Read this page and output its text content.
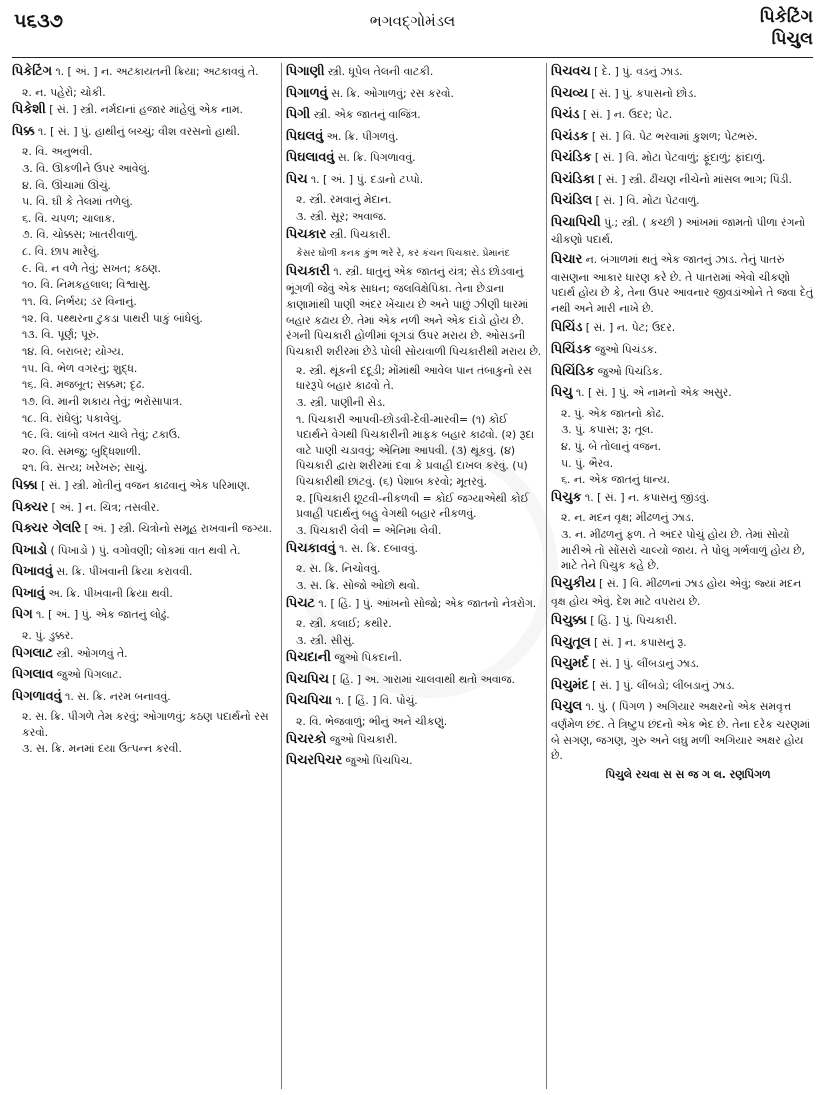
૫૬૩૭	ભગવદ્‌ગોમંડલ	પિકેટિંગ
પિચુલ
પિકેટિંગ ૧. [ અં. ] ન. અટકાયતની ક્રિયા; અટકાવવું તે.
૨. ન. પહેરો; ચોકી.
પિકેશી [ સં. ] સ્ત્રી. નર્મદાનાં હજાર માંહેલું એક નામ.
પિક્ક ૧. [ સં. ] પું. હાથીનું બચ્ચું; વીશ વરસનો હાથી.
૨. વિ. અનુભવી.
૩. વિ. ઊકળીને ઉપર આવેલું.
૪. વિ. ઊંચામાં ઊંચું.
૫. વિ. ઘી કે તેલમાં તળેલું.
૬. વિ. ચપળ; ચાલાક.
૭. વિ. ચોક્કસ; ખાતરીવાળું.
૮. વિ. છાપ મારેલું.
૯. વિ. ન વળે તેવું; સખત; કઠણ.
૧૦. વિ. નિમકહલાલ; વિશ્વાસુ.
૧૧. વિ. નિર્ભય; ડર વિનાનું.
૧૨. વિ. પથ્થરના ટુકડા પાથરી પાકું બાંધેલું.
૧૩. વિ. પૂર્ણ; પૂરું.
૧૪. વિ. બરાબર; યોગ્ય.
૧૫. વિ. ભેળ વગરનું; શુદ્ધ.
૧૬. વિ. મજબૂત; સક્કમ; દૃઢ.
૧૭. વિ. માની શકાય તેવું; ભરોસાપાત્ર.
૧૮. વિ. રાંધેલું; પકાવેલું.
૧૯. વિ. લાંબો વખત ચાલે તેવું; ટકાઉ.
૨૦. વિ. સમજુ; બુદ્ધિશાળી.
૨૧. વિ. સત્ય; ખરેખરું; સાચું.
પિક્કા [ સં. ] સ્ત્રી. મોતીનું વજન કાઢવાનું એક પરિમાણ.
પિક્ચર [ અં. ] ન. ચિત્ર; તસવીર.
પિક્ચર ગેલરિ [ અં. ] સ્ત્રી. ચિત્રોનો સમૂહ રાખવાની જગ્યા.
પિખાડો ( પિખાડો ) પું. વગોવણી; લોકમાં વાત થવી તે.
પિખાવવું સ. ક્રિ. પીખવાની ક્રિયા કરાવવી.
પિખાવું અ. ક્રિ. પીખવાની ક્રિયા થવી.
પિગ ૧. [ અં. ] પું. એક જાતનું લોઢું.
૨. પું. ડુક્કર.
પિગલાટ સ્ત્રી. ઓગળવું તે.
પિગલાવ જુઓ પિગલાટ.
પિગળાવવું ૧. સ. ક્રિ. નરમ બનાવવું.
૨. સ. ક્રિ. પીગળે તેમ કરવું; ઓગાળવું; કઠણ પદાર્થનો રસ કરવો.
૩. સ. ક્રિ. મનમાં દયા ઉત્પન્ન કરવી.
પિગાણી સ્ત્રી. ધૂપેલ તેલની વાટકી.
પિગાળવું સ. ક્રિ. ઓગાળવું; રસ કરવો.
પિગી સ્ત્રી. એક જાતનું વાજિંત્ર.
પિઘલવું અ. ક્રિ. પીગળવું.
પિઘલાવવું સ. ક્રિ. પિગળાવવું.
પિચ ૧. [ અં. ] પું. દડાનો ટપ્પો.
૨. સ્ત્રી. રમવાનું મેદાન.
૩. સ્ત્રી. સૂર; અવાજ.
પિચકાર સ્ત્રી. પિચકારી.
કેસર ઘોળી કનક કુંભ ભરે રે, કર કંચન પિચકાર. પ્રેમાનંદ
પિચકારી ૧. સ્ત્રી. ધાતુનું એક જાતનું યંત્ર; સેડ છોડવાનું ભૂંગળી જેવું એક સાધન; જલવિક્ષેપિકા. તેના છેડાના કાણામાંથી પાણી અંદર ખેંચાય છે અને પાછું ઝીણી ધારમાં બહાર કઢાય છે. તેમાં એક નળી અને એક દાંડો હોય છે. રંગની પિચકારી હોળીમાં લૂગડાં ઉપર મરાય છે. ઓસડની પિચકારી શરીરમાં છેડે પોલી સોયવાળી પિચકારીથી મરાય છે.
૨. સ્ત્રી. થૂંકની દદૂડી; મોંમાંથી આવેલ પાન તંબાકુનો રસ ધારરૂપે બહાર કાઢવો તે.
૩. સ્ત્રી. પાણીની સેડ.
૧. પિચકારી આપવી-છોડવી-દેવી-મારવી= (૧) કોઈ પદાર્થને વેગથી પિચકારીની માફક બહાર કાઢવો. (૨) રૂદા વાટે પાણી ચડાવવું; એનિમા આપવી. (૩) થૂંકવું. (૪) પિચકારી દ્વારા શરીરમાં દવા કે પ્રવાહી દાખલ કરવું. (૫) પિચકારીથી છાંટવું. (૬) પેશાબ કરવો; મૂતરવું.
૨. [પિચકારી છૂટવી-નીકળવી = કોઈ જગ્યાએથી કોઈ પ્રવાહી પદાર્થનું બહુ વેગથી બહાર નીકળવું.
૩. પિચકારી લેવી = એનિમા લેવી.
પિચકાવવું ૧. સ. ક્રિ. દબાવવું.
૨. સ. ક્રિ. નિચોવવું.
૩. સ. ક્રિ. સોજો ઓછો થવો.
પિચટ ૧. [ હિં. ] પું. આંખનો સોજો; એક જાતનો નેત્રરોગ.
૨. સ્ત્રી. કલાઈ; કથીર.
૩. સ્ત્રી. સીસું.
પિચદાની જુઓ પિકદાની.
પિચપિચ [ હિં. ] અ. ગારામાં ચાલવાથી થતો અવાજ.
પિચપિચા ૧. [ હિં. ] વિ. પોચું.
૨. વિ. ભેજવાળું; ભીનું અને ચીકણું.
પિચરકો જુઓ પિચકારી.
પિચરપિચર જુઓ પિચપિચ.
પિચવચ [ દે. ] પું. વડનું ઝાડ.
પિચવ્ય [ સં. ] પું. કપાસનો છોડ.
પિચંડ [ સં. ] ન. ઉદર; પેટ.
પિચંડક [ સં. ] વિ. પેટ ભરવામાં કુશળ; પેટભરું.
પિચંડિક [ સં. ] વિ. મોટા પેટવાળું; ફૂંદાળું; ફાંદાળું.
પિચંડિકા [ સં. ] સ્ત્રી. ઢીંચણ નીચેનો માંસલ ભાગ; પિંડી.
પિચંડિલ [ સં. ] વિ. મોટા પેટવાળું.
પિચાપિચી પું.; સ્ત્રી. ( કચ્છી ) આંખમાં જામતો પીળા રંગનો ચીકણો પદાર્થ.
પિચાર ન. બંગાળમાં થતું એક જાતનું ઝાડ. તેનું પાતરું વાસણના આકાર ધારણ કરે છે. તે પાતરામાં એવો ચીકણો પદાર્થ હોય છે કે, તેના ઉપર આવનાર જીવડાંઓને તે જવા દેતું નથી અને મારી નાખે છે.
પિચિંડ [ સં. ] ન. પેટ; ઉદર.
પિચિંડક જુઓ પિચંડક.
પિચિંડિક જુઓ પિચંડિક.
પિચુ ૧. [ સં. ] પું. એ નામનો એક અસુર.
૨. પું. એક જાતનો કોઢ.
૩. પું. કપાસ; રૂ; તૂલ.
૪. પું. બે તોલાનું વજન.
૫. પું. ભૈરવ.
૬. ન. એક જાતનું ધાન્ય.
પિચુક ૧. [ સં. ] ન. કપાસનું જીંડવું.
૨. ન. મદન વૃક્ષ; મીંઢળનું ઝાડ.
૩. ન. મીંઢળનું ફળ. તે અંદર પોચું હોય છે. તેમાં સોયો મારીએ તો સોંસરો ચાલ્યો જાય. તે પોલું ગર્ભવાળું હોય છે, માટે તેને પિચુક કહે છે.
પિચુકીય [ સં. ] વિ. મીંઢળનાં ઝાડ હોય એવું; જ્યાં મદન વૃક્ષ હોય એવું. દેશ માટે વપરાય છે.
પિચુક્કા [ હિં. ] પું. પિચકારી.
પિચુતૂલ [ સં. ] ન. કપાસનું રૂ.
પિચુમર્દ [ સં. ] પું. લીંબડાનું ઝાડ.
પિચુમંદ [ સં. ] પું. લીંબડો; લીંબડાનું ઝાડ.
પિચુલ ૧. પું. ( પિંગળ ) અગિયાર અક્ષરનો એક સમવૃત્ત વર્ણમેળ છંદ. તે ત્રિષ્ટુપ છંદનો એક ભેદ છે. તેના દરેક ચરણમાં બે સગણ, જગણ, ગુરુ અને લઘુ મળી અગિયાર અક્ષર હોય છે.
પિચુલે રચવા સ સ જ ગ લ. રણપિંગળ
